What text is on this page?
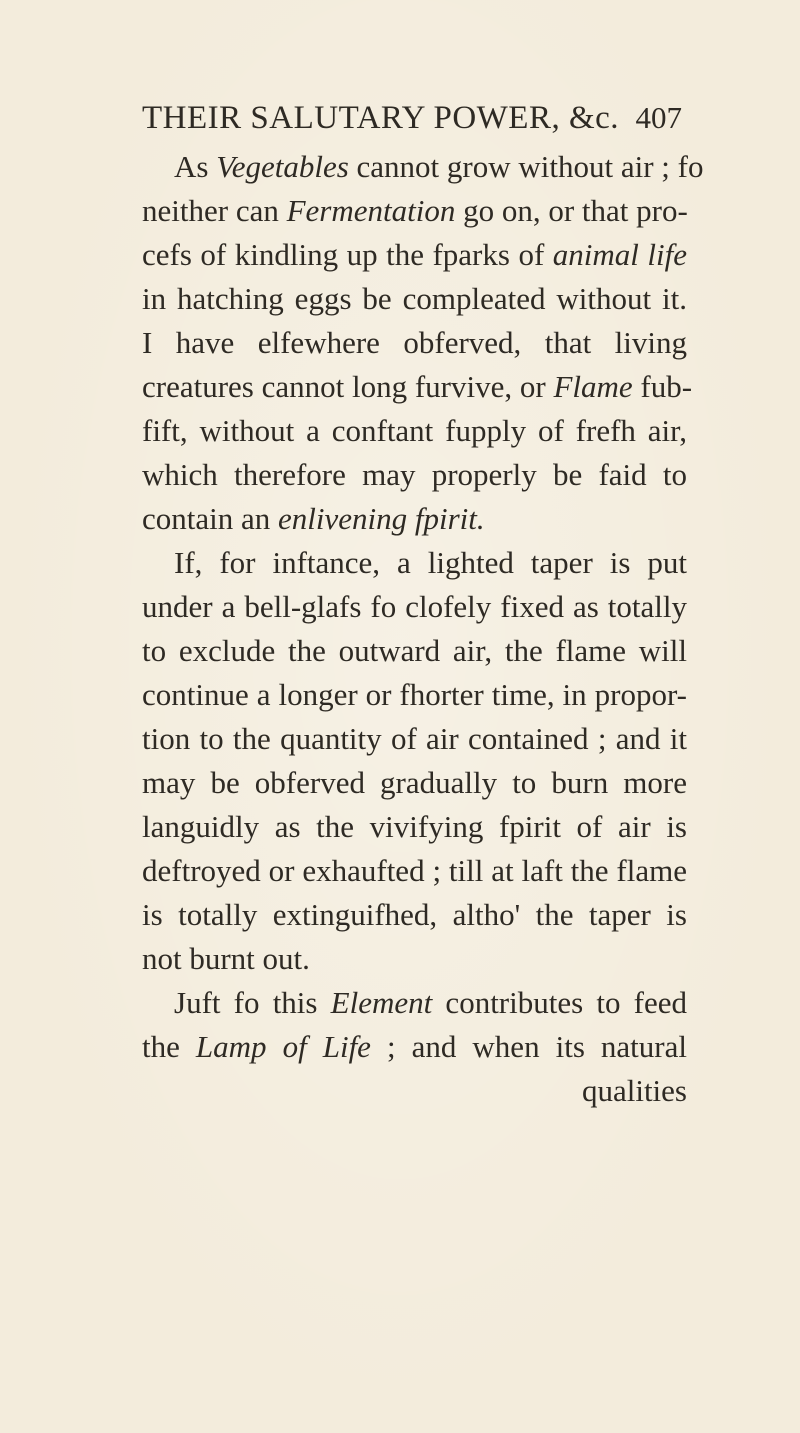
THEIR SALUTARY POWER, &c. 407
As Vegetables cannot grow without air ; fo
neither can Fermentation go on, or that pro-
cefs of kindling up the fparks of animal life
in hatching eggs be compleated without it.
I have elfewhere obferved, that living
creatures cannot long furvive, or Flame fub-
fift, without a conftant fupply of frefh air,
which therefore may properly be faid to
contain an enlivening fpirit.
If, for inftance, a lighted taper is put
under a bell-glafs fo clofely fixed as totally
to exclude the outward air, the flame will
continue a longer or fhorter time, in propor-
tion to the quantity of air contained ; and it
may be obferved gradually to burn more
languidly as the vivifying fpirit of air is
deftroyed or exhaufted ; till at laft the flame
is totally extinguifhed, altho' the taper is
not burnt out.
Juft fo this Element contributes to feed
the Lamp of Life ; and when its natural
qualities
